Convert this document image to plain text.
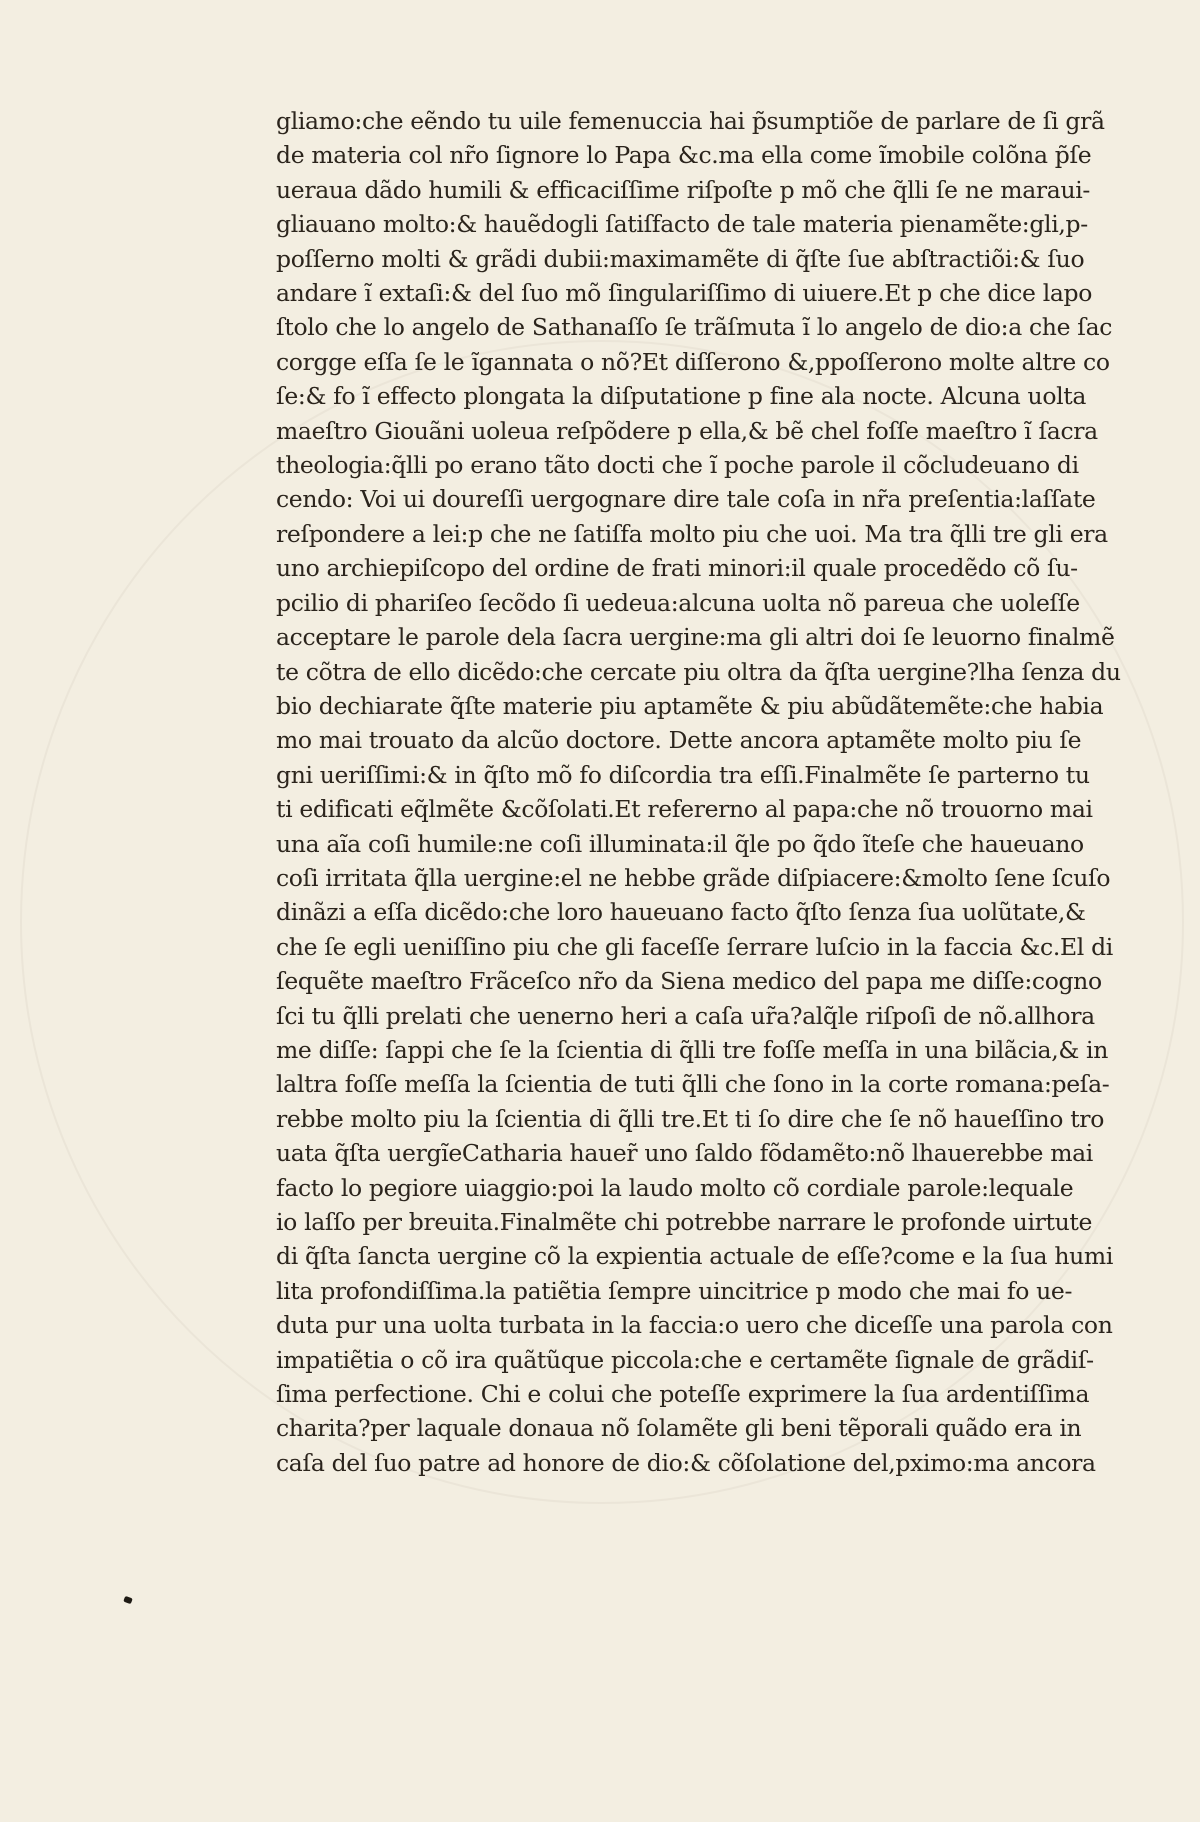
gliamo:che eẽndo tu uile femenuccia hai p̃sumptiõe de parlare de ſi grã
de materia col nr̃o ſignore lo Papa &c.ma ella come ĩmobile colõna p̃ſe
ueraua dãdo humili & efficaciſſime riſpoſte p mõ che q̃lli ſe ne maraui-
gliauano molto:& hauẽdogli ſatiſfacto de tale materia pienamẽte:gli,p-
poſſerno molti & grãdi dubii:maximamẽte di q̃ſte ſue abſtractiõi:& ſuo
andare ĩ extaſi:& del ſuo mõ ſingulariſſimo di uiuere.Et p che dice lapo
ſtolo che lo angelo de Sathanaſſo ſe trãſmuta ĩ lo angelo de dio:a che ſac
corgge eſſa ſe le ĩgannata o nõ?Et diſſerono &,ppoſſerono molte altre co
ſe:& fo ĩ effecto plongata la diſputatione p fine ala nocte. Alcuna uolta
maeſtro Giouãni uoleua reſpõdere p ella,& bẽ chel foſſe maeſtro ĩ ſacra
theologia:q̃lli po erano tãto docti che ĩ poche parole il cõcludeuano di
cendo: Voi ui doureſſi uergognare dire tale coſa in nr̃a preſentia:laſſate
reſpondere a lei:p che ne ſatiſfa molto piu che uoi. Ma tra q̃lli tre gli era
uno archiepiſcopo del ordine de frati minori:il quale procedẽdo cõ ſu-
pcilio di phariſeo ſecõdo ſi uedeua:alcuna uolta nõ pareua che uoleſſe
acceptare le parole dela ſacra uergine:ma gli altri doi ſe leuorno finalmẽ
te cõtra de ello dicẽdo:che cercate piu oltra da q̃ſta uergine?lha ſenza du
bio dechiarate q̃ſte materie piu aptamẽte & piu abũdãtemẽte:che habia
mo mai trouato da alcũo doctore. Dette ancora aptamẽte molto piu ſe
gni ueriſſimi:& in q̃ſto mõ fo diſcordia tra eſſi.Finalmẽte ſe parterno tu
ti edificati eq̃lmẽte &cõſolati.Et refererno al papa:che nõ trouorno mai
una aĩa coſi humile:ne coſi illuminata:il q̃le po q̃do ĩteſe che haueuano
coſi irritata q̃lla uergine:el ne hebbe grãde diſpiacere:&molto ſene ſcuſo
dinãzi a eſſa dicẽdo:che loro haueuano facto q̃ſto ſenza ſua uolũtate,&
che ſe egli ueniſſino piu che gli faceſſe ſerrare luſcio in la faccia &c.El di
ſequẽte maeſtro Frãceſco nr̃o da Siena medico del papa me diſſe:cogno
ſci tu q̃lli prelati che uenerno heri a caſa ur̃a?alq̃le riſpoſi de nõ.allhora
me diſſe: ſappi che ſe la ſcientia di q̃lli tre foſſe meſſa in una bilãcia,& in
laltra foſſe meſſa la ſcientia de tuti q̃lli che ſono in la corte romana:peſa-
rebbe molto piu la ſcientia di q̃lli tre.Et ti ſo dire che ſe nõ haueſſino tro
uata q̃ſta uergĩeCatharia hauer̃ uno ſaldo fõdamẽto:nõ lhauerebbe mai
facto lo pegiore uiaggio:poi la laudo molto cõ cordiale parole:lequale
io laſſo per breuita.Finalmẽte chi potrebbe narrare le profonde uirtute
di q̃ſta ſancta uergine cõ la expientia actuale de eſſe?come e la ſua humi
lita profondiſſima.la patiẽtia ſempre uincitrice p modo che mai fo ue-
duta pur una uolta turbata in la faccia:o uero che diceſſe una parola con
impatiẽtia o cõ ira quãtũque piccola:che e certamẽte ſignale de grãdiſ-
ſima perfectione. Chi e colui che poteſſe exprimere la ſua ardentiſſima
charita?per laquale donaua nõ ſolamẽte gli beni tẽporali quãdo era in
caſa del ſuo patre ad honore de dio:& cõſolatione del,pximo:ma ancora
